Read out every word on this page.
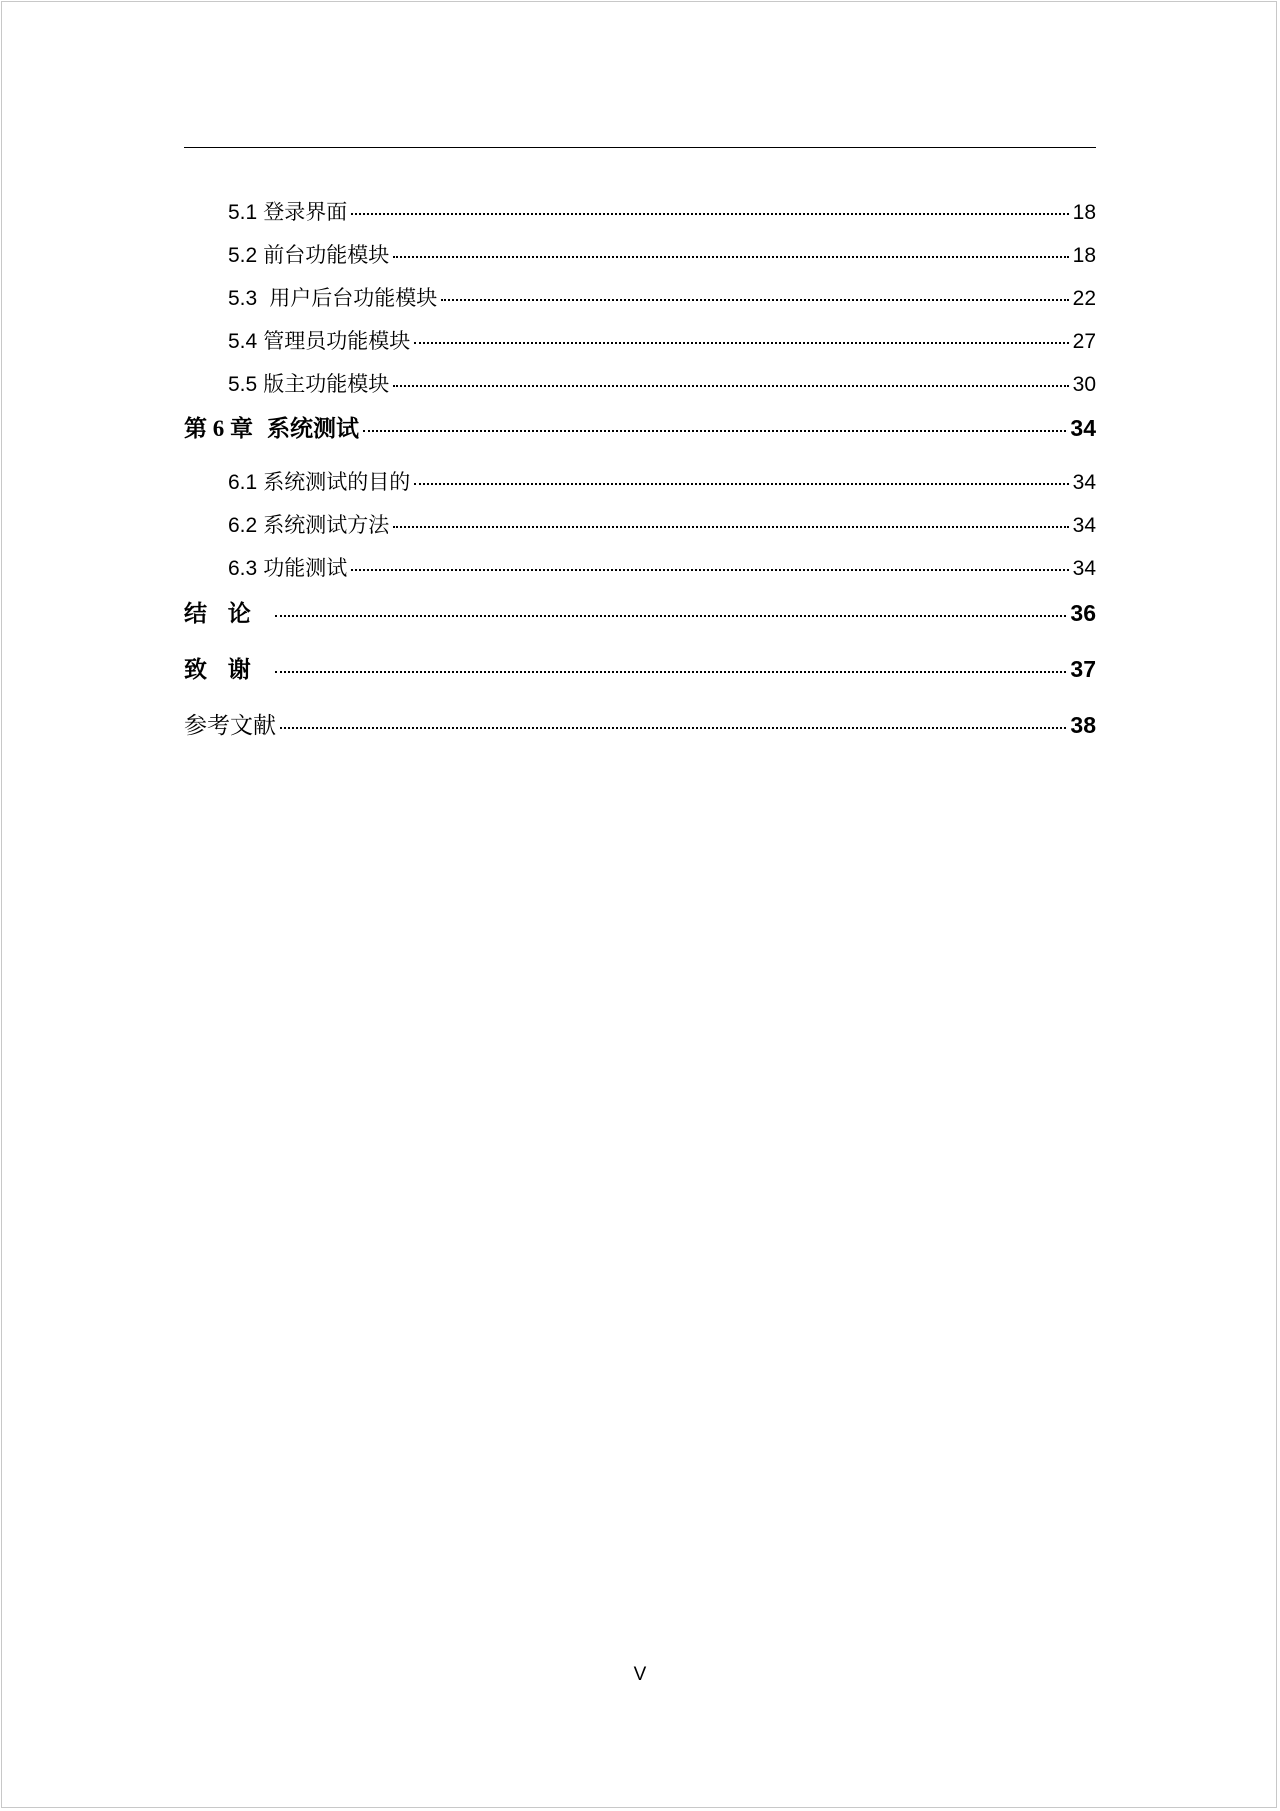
5.1 登录界面	18
5.2 前台功能模块	18
5.3 用户后台功能模块	22
5.4 管理员功能模块	27
5.5 版主功能模块	30
第 6 章 系统测试	34
6.1 系统测试的目的	34
6.2 系统测试方法	34
6.3 功能测试	34
结论	36
致谢	37
参考文献	38
V
